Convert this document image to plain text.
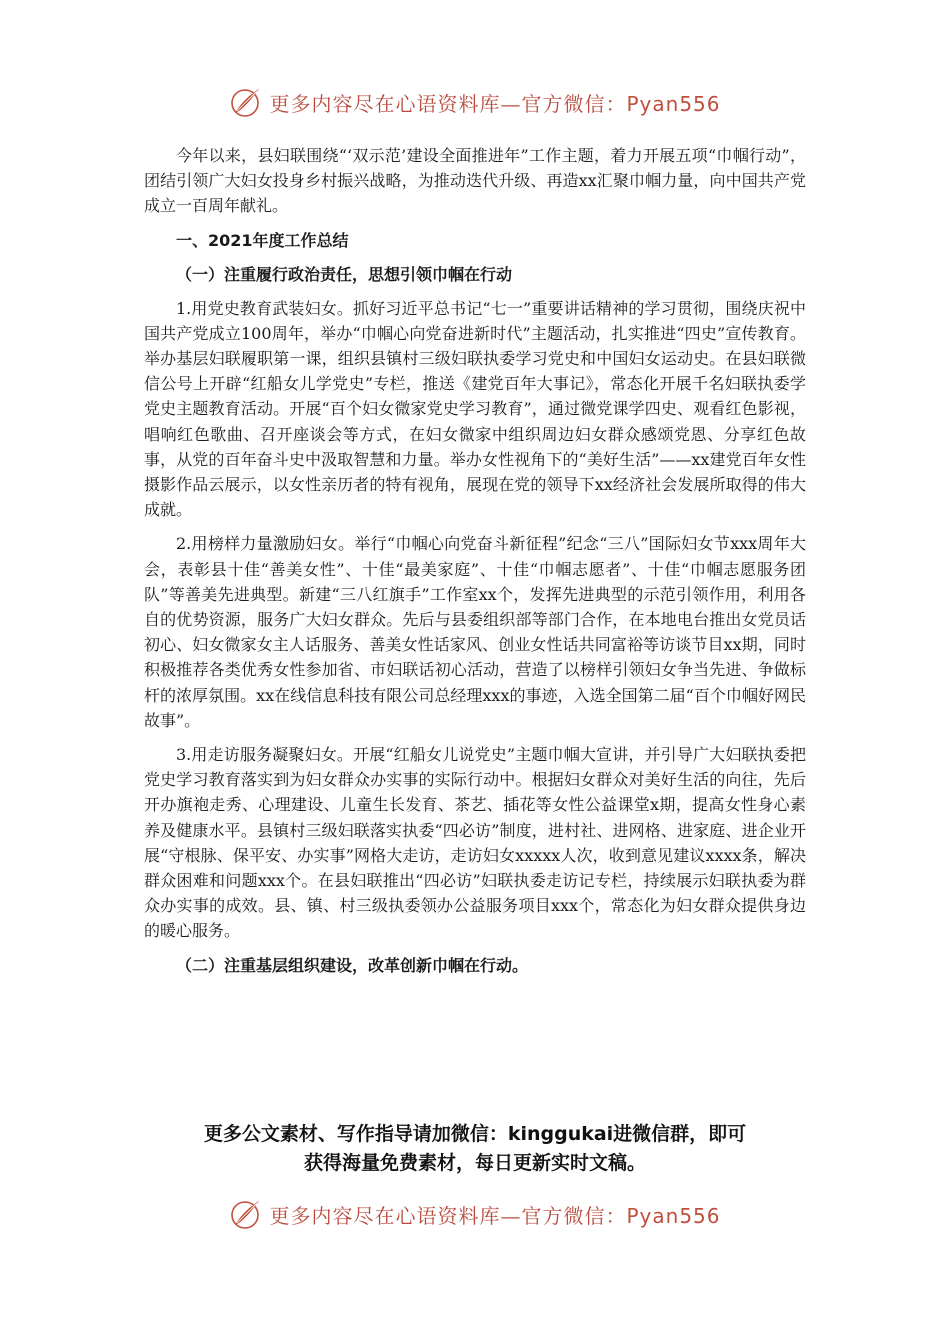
更多内容尽在心语资料库—官方微信：Pyan556

今年以来，县妇联围绕“‘双示范’建设全面推进年”工作主题，着力开展五项“巾帼行动”，团结引领广大妇女投身乡村振兴战略，为推动迭代升级、再造xx汇聚巾帼力量，向中国共产党成立一百周年献礼。

一、2021年度工作总结

（一）注重履行政治责任，思想引领巾帼在行动

1.用党史教育武装妇女。抓好习近平总书记“七一”重要讲话精神的学习贯彻，围绕庆祝中国共产党成立100周年，举办“巾帼心向党奋进新时代”主题活动，扎实推进“四史”宣传教育。举办基层妇联履职第一课，组织县镇村三级妇联执委学习党史和中国妇女运动史。在县妇联微信公号上开辟“红船女儿学党史”专栏，推送《建党百年大事记》，常态化开展千名妇联执委学党史主题教育活动。开展“百个妇女微家党史学习教育”，通过微党课学四史、观看红色影视，唱响红色歌曲、召开座谈会等方式，在妇女微家中组织周边妇女群众感颂党恩、分享红色故事，从党的百年奋斗史中汲取智慧和力量。举办女性视角下的“美好生活”——xx建党百年女性摄影作品云展示，以女性亲历者的特有视角，展现在党的领导下xx经济社会发展所取得的伟大成就。

2.用榜样力量激励妇女。举行“巾帼心向党奋斗新征程”纪念“三八”国际妇女节xxx周年大会，表彰县十佳“善美女性”、十佳“最美家庭”、十佳“巾帼志愿者”、十佳“巾帼志愿服务团队”等善美先进典型。新建“三八红旗手”工作室xx个，发挥先进典型的示范引领作用，利用各自的优势资源，服务广大妇女群众。先后与县委组织部等部门合作，在本地电台推出女党员话初心、妇女微家女主人话服务、善美女性话家风、创业女性话共同富裕等访谈节目xx期，同时积极推荐各类优秀女性参加省、市妇联话初心活动，营造了以榜样引领妇女争当先进、争做标杆的浓厚氛围。xx在线信息科技有限公司总经理xxx的事迹，入选全国第二届“百个巾帼好网民故事”。

3.用走访服务凝聚妇女。开展“红船女儿说党史”主题巾帼大宣讲，并引导广大妇联执委把党史学习教育落实到为妇女群众办实事的实际行动中。根据妇女群众对美好生活的向往，先后开办旗袍走秀、心理建设、儿童生长发育、茶艺、插花等女性公益课堂x期，提高女性身心素养及健康水平。县镇村三级妇联落实执委“四必访”制度，进村社、进网格、进家庭、进企业开展“守根脉、保平安、办实事”网格大走访，走访妇女xxxxx人次，收到意见建议xxxx条，解决群众困难和问题xxx个。在县妇联推出“四必访”妇联执委走访记专栏，持续展示妇联执委为群众办实事的成效。县、镇、村三级执委领办公益服务项目xxx个，常态化为妇女群众提供身边的暖心服务。

（二）注重基层组织建设，改革创新巾帼在行动。

更多公文素材、写作指导请加微信：kinggukai进微信群，即可
获得海量免费素材，每日更新实时文稿。
更多内容尽在心语资料库—官方微信：Pyan556
